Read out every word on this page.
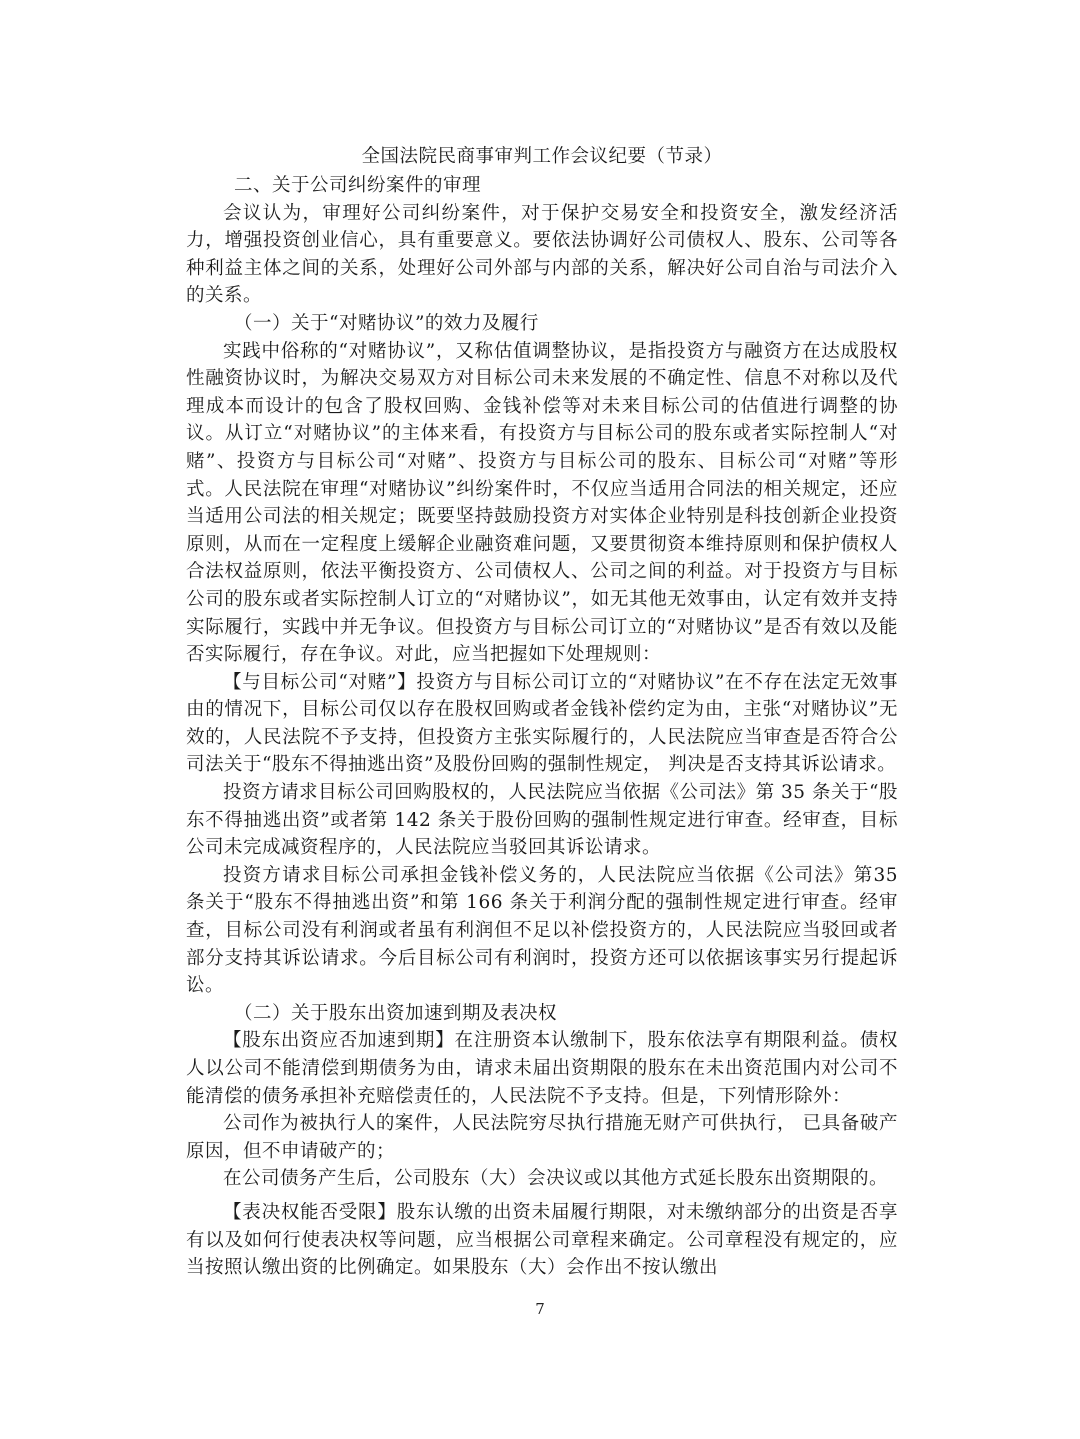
全国法院民商事审判工作会议纪要（节录）
二、关于公司纠纷案件的审理

会议认为，审理好公司纠纷案件，对于保护交易安全和投资安全，激发经济活力，增强投资创业信心，具有重要意义。要依法协调好公司债权人、股东、公司等各种利益主体之间的关系，处理好公司外部与内部的关系，解决好公司自治与司法介入的关系。

（一）关于“对赌协议”的效力及履行

实践中俗称的“对赌协议”，又称估值调整协议，是指投资方与融资方在达成股权性融资协议时，为解决交易双方对目标公司未来发展的不确定性、信息不对称以及代理成本而设计的包含了股权回购、金钱补偿等对未来目标公司的估值进行调整的协议。从订立“对赌协议”的主体来看，有投资方与目标公司的股东或者实际控制人“对赌”、投资方与目标公司“对赌”、投资方与目标公司的股东、目标公司“对赌”等形式。人民法院在审理“对赌协议”纠纷案件时，不仅应当适用合同法的相关规定，还应当适用公司法的相关规定；既要坚持鼓励投资方对实体企业特别是科技创新企业投资原则，从而在一定程度上缓解企业融资难问题，又要贯彻资本维持原则和保护债权人合法权益原则，依法平衡投资方、公司债权人、公司之间的利益。对于投资方与目标公司的股东或者实际控制人订立的“对赌协议”，如无其他无效事由，认定有效并支持实际履行，实践中并无争议。但投资方与目标公司订立的“对赌协议”是否有效以及能否实际履行，存在争议。对此，应当把握如下处理规则：

【与目标公司“对赌”】投资方与目标公司订立的“对赌协议”在不存在法定无效事由的情况下，目标公司仅以存在股权回购或者金钱补偿约定为由，主张“对赌协议”无效的，人民法院不予支持，但投资方主张实际履行的，人民法院应当审查是否符合公司法关于“股东不得抽逃出资”及股份回购的强制性规定， 判决是否支持其诉讼请求。

投资方请求目标公司回购股权的，人民法院应当依据《公司法》第 35 条关于“股东不得抽逃出资”或者第 142 条关于股份回购的强制性规定进行审查。经审查，目标公司未完成减资程序的，人民法院应当驳回其诉讼请求。

投资方请求目标公司承担金钱补偿义务的，人民法院应当依据《公司法》第35 条关于“股东不得抽逃出资”和第 166 条关于利润分配的强制性规定进行审查。经审查，目标公司没有利润或者虽有利润但不足以补偿投资方的，人民法院应当驳回或者部分支持其诉讼请求。今后目标公司有利润时，投资方还可以依据该事实另行提起诉讼。

（二）关于股东出资加速到期及表决权

【股东出资应否加速到期】在注册资本认缴制下，股东依法享有期限利益。债权人以公司不能清偿到期债务为由，请求未届出资期限的股东在未出资范围内对公司不能清偿的债务承担补充赔偿责任的，人民法院不予支持。但是，下列情形除外：

公司作为被执行人的案件，人民法院穷尽执行措施无财产可供执行， 已具备破产原因，但不申请破产的；

在公司债务产生后，公司股东（大）会决议或以其他方式延长股东出资期限的。

【表决权能否受限】股东认缴的出资未届履行期限，对未缴纳部分的出资是否享有以及如何行使表决权等问题，应当根据公司章程来确定。公司章程没有规定的，应当按照认缴出资的比例确定。如果股东（大）会作出不按认缴出

7
